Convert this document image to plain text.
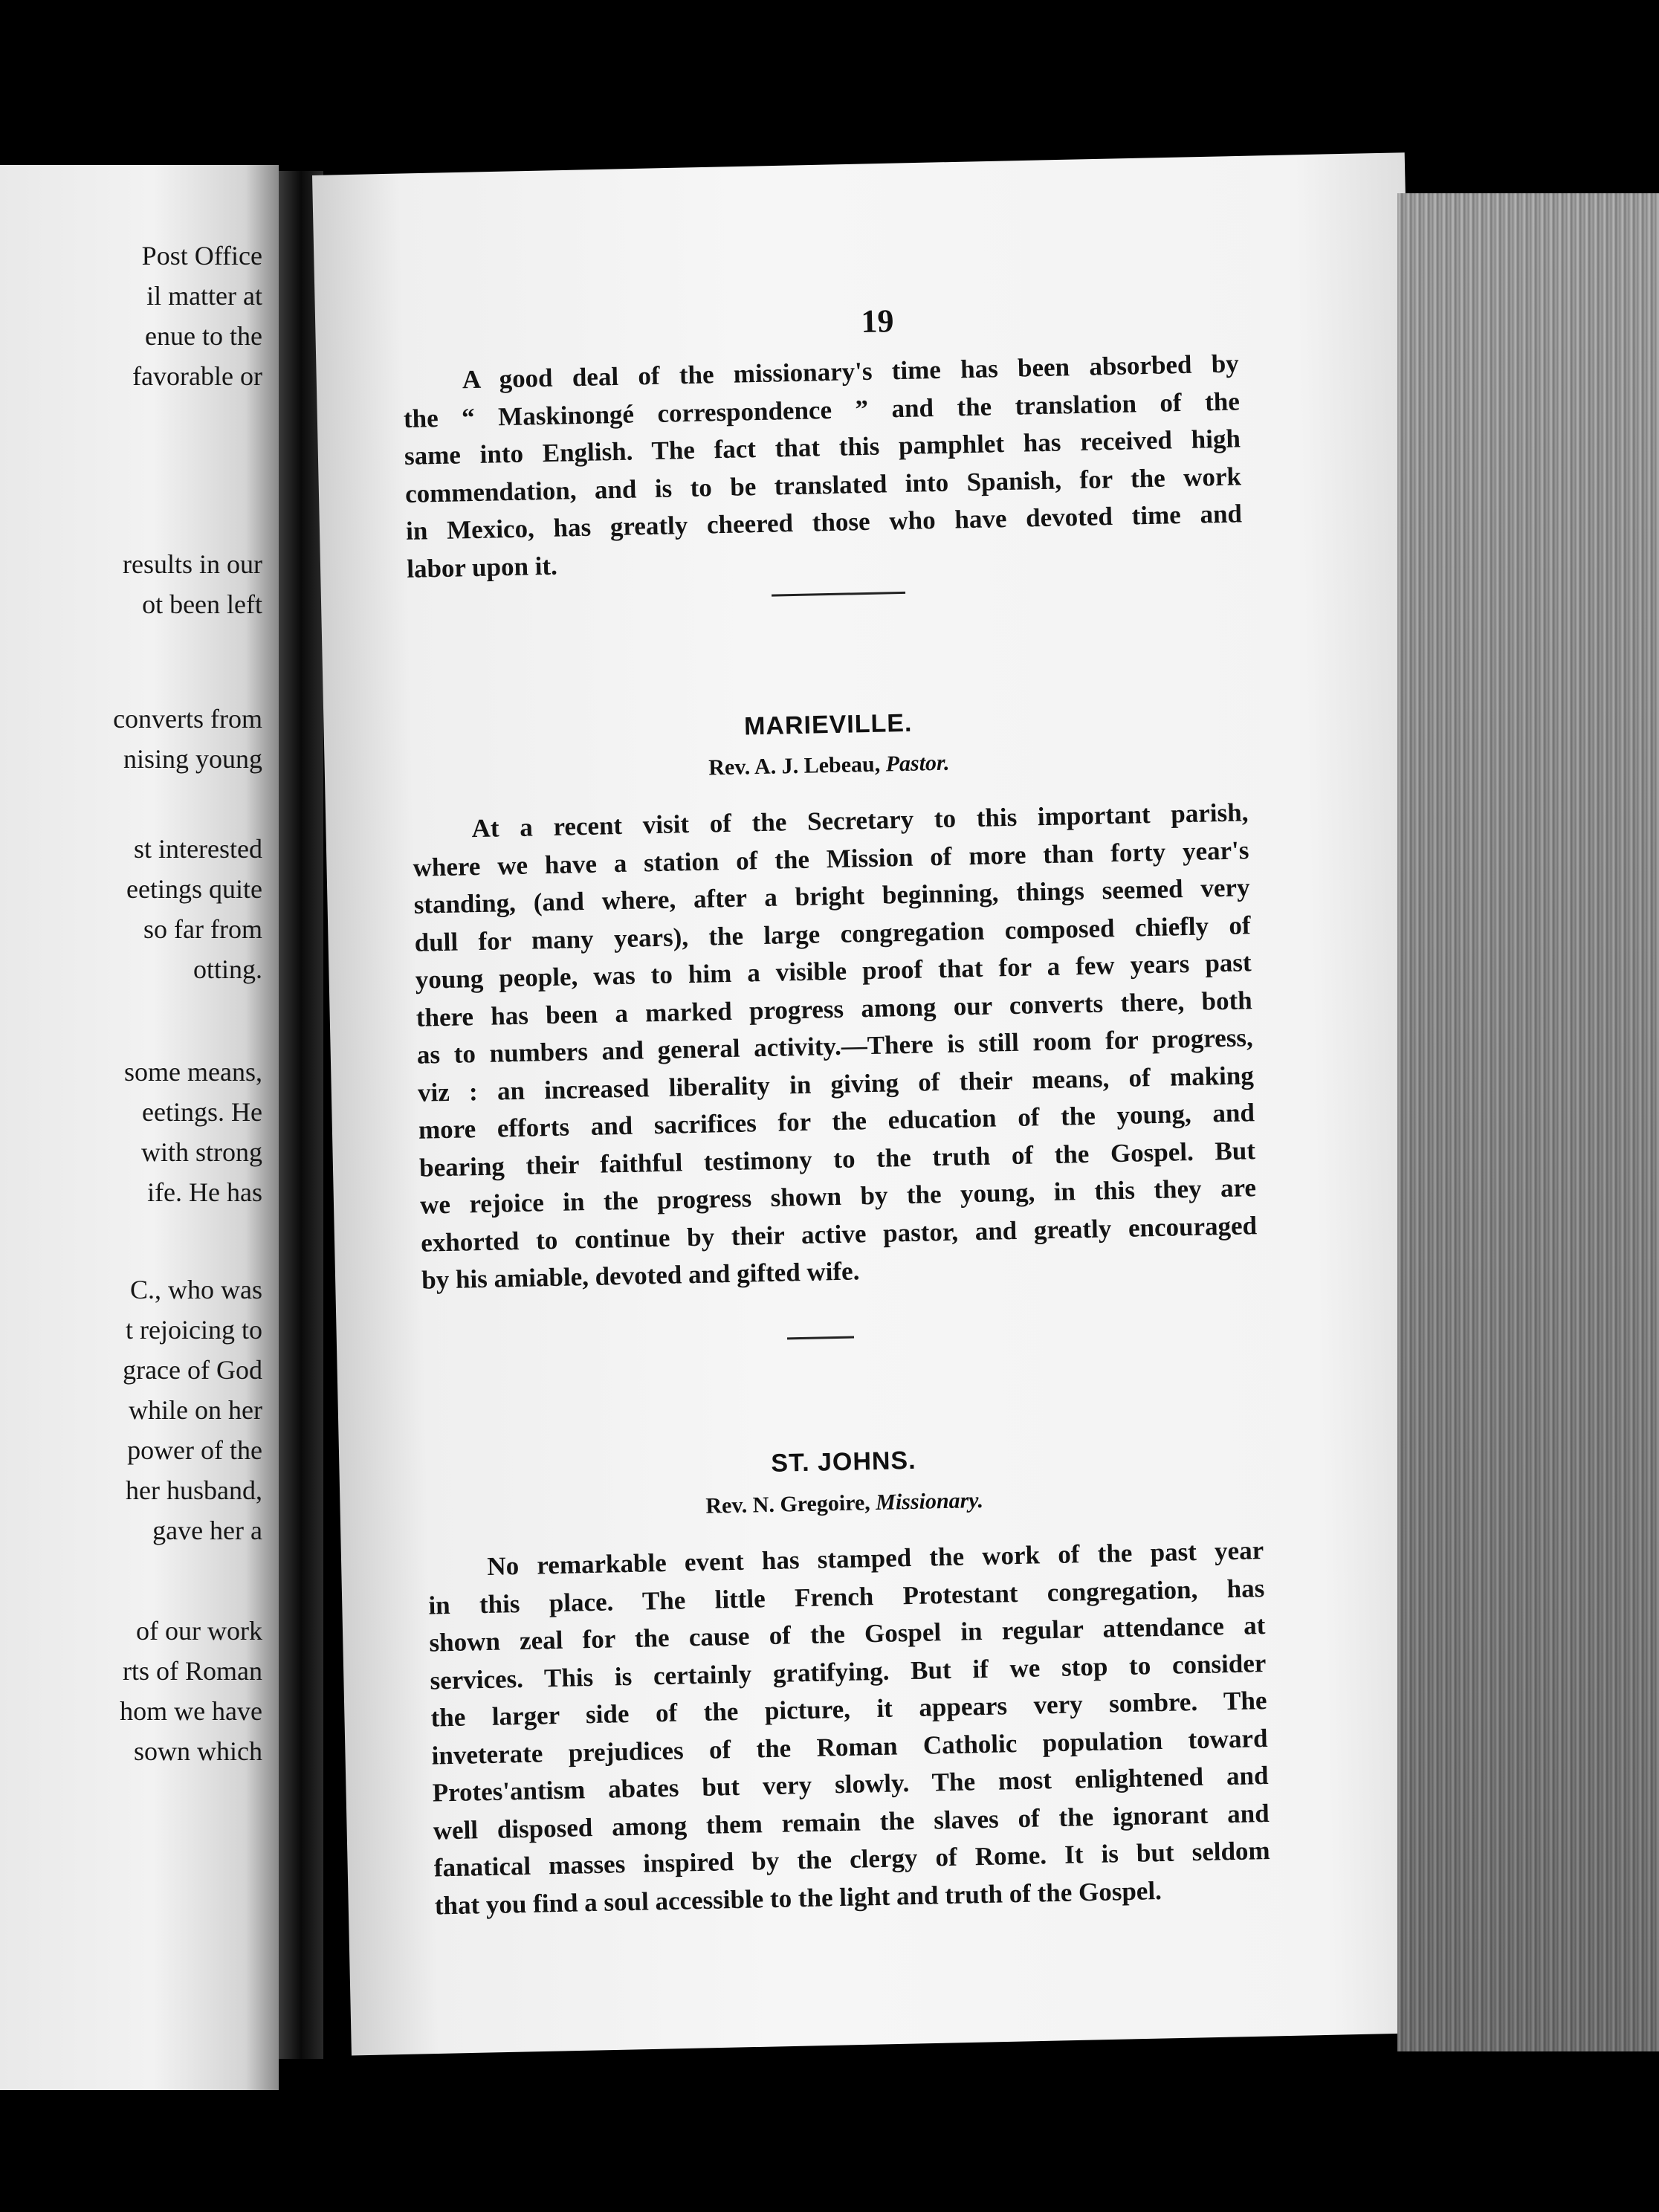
Post Office
il matter at
enue to the
favorable or
results in our
ot been left
converts from
nising young
st interested
eetings quite
so far from
otting.
some means,
eetings. He
with strong
ife. He has
C., who was
t rejoicing to
grace of God
while on her
power of the
her husband,
gave her a
of our work
rts of Roman
hom we have
sown which
19
A good deal of the missionary's time has been absorbed by
the “ Maskinongé correspondence ” and the translation of the
same into English. The fact that this pamphlet has received high
commendation, and is to be translated into Spanish, for the work
in Mexico, has greatly cheered those who have devoted time and
labor upon it.
MARIEVILLE.
Rev. A. J. Lebeau, Pastor.
At a recent visit of the Secretary to this important parish,
where we have a station of the Mission of more than forty year's
standing, (and where, after a bright beginning, things seemed very
dull for many years), the large congregation composed chiefly of
young people, was to him a visible proof that for a few years past
there has been a marked progress among our converts there, both
as to numbers and general activity.—There is still room for progress,
viz : an increased liberality in giving of their means, of making
more efforts and sacrifices for the education of the young, and
bearing their faithful testimony to the truth of the Gospel. But
we rejoice in the progress shown by the young, in this they are
exhorted to continue by their active pastor, and greatly encouraged
by his amiable, devoted and gifted wife.
ST. JOHNS.
Rev. N. Gregoire, Missionary.
No remarkable event has stamped the work of the past year
in this place. The little French Protestant congregation, has
shown zeal for the cause of the Gospel in regular attendance at
services. This is certainly gratifying. But if we stop to consider
the larger side of the picture, it appears very sombre. The
inveterate prejudices of the Roman Catholic population toward
Protes'antism abates but very slowly. The most enlightened and
well disposed among them remain the slaves of the ignorant and
fanatical masses inspired by the clergy of Rome. It is but seldom
that you find a soul accessible to the light and truth of the Gospel.
